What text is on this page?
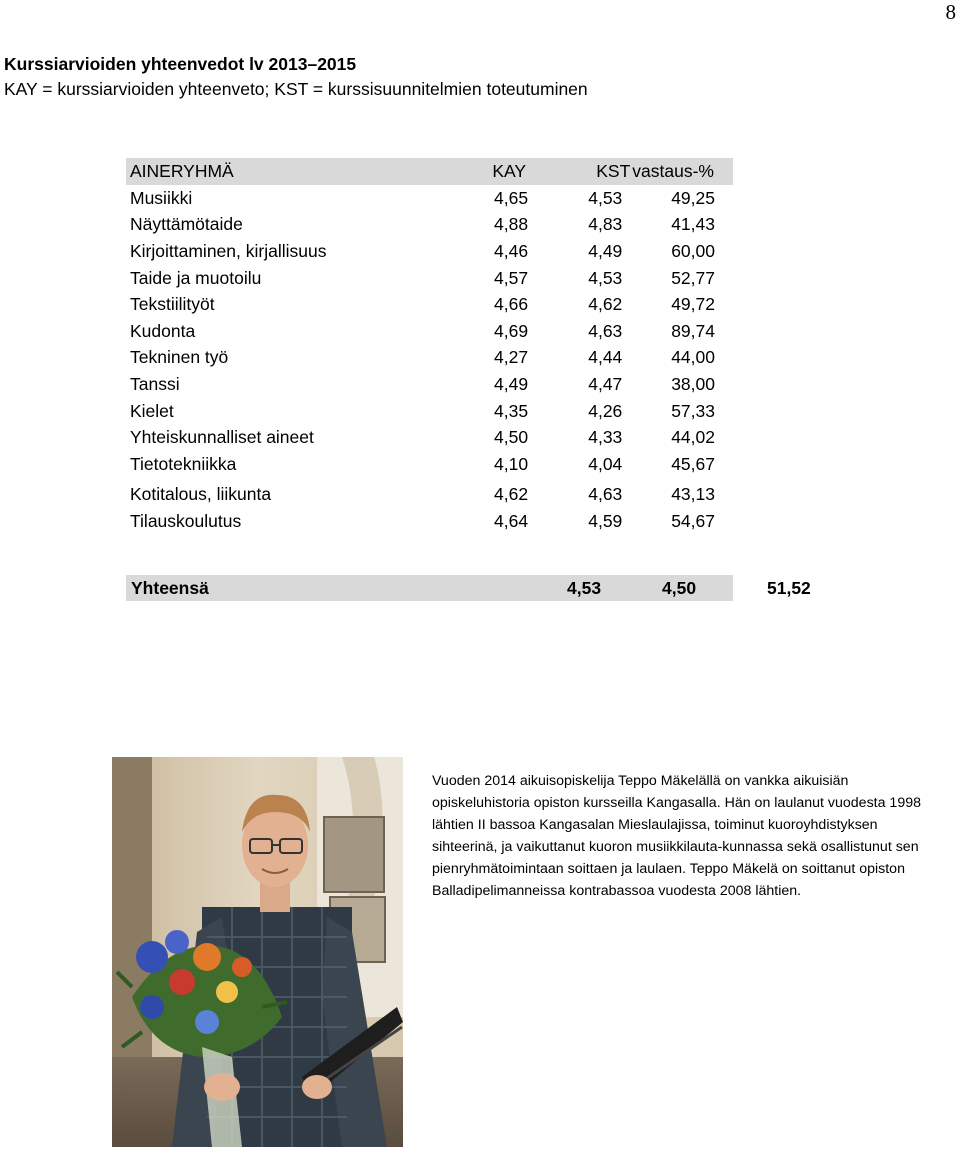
8
Kurssiarvioiden yhteenvedot lv 2013–2015
KAY = kurssiarvioiden yhteenveto; KST = kurssisuunnitelmien toteutuminen
AINERYHMÄ	KAY	KST	vastaus-%
Musiikki	4,65	4,53	49,25
Näyttämötaide	4,88	4,83	41,43
Kirjoittaminen, kirjallisuus	4,46	4,49	60,00
Taide ja muotoilu	4,57	4,53	52,77
Tekstiilityöt	4,66	4,62	49,72
Kudonta	4,69	4,63	89,74
Tekninen työ	4,27	4,44	44,00
Tanssi	4,49	4,47	38,00
Kielet	4,35	4,26	57,33
Yhteiskunnalliset aineet	4,50	4,33	44,02
Tietotekniikka	4,10	4,04	45,67

Kotitalous, liikunta	4,62	4,63	43,13
Tilauskoulutus	4,64	4,59	54,67
Yhteensä	4,53	4,50	51,52
Vuoden 2014 aikuisopiskelija Teppo Mäkelällä on vankka aikuisiän opiskeluhistoria opiston kursseilla Kangasalla. Hän on laulanut vuodesta 1998 lähtien II bassoa Kangasalan Mieslaulajissa, toiminut kuoroyhdistyksen sihteerinä, ja vaikuttanut kuoron musiikkilauta-kunnassa sekä osallistunut sen pienryhmätoimintaan soittaen ja laulaen. Teppo Mäkelä on soittanut opiston Balladipelimanneissa kontrabassoa vuodesta 2008 lähtien.
